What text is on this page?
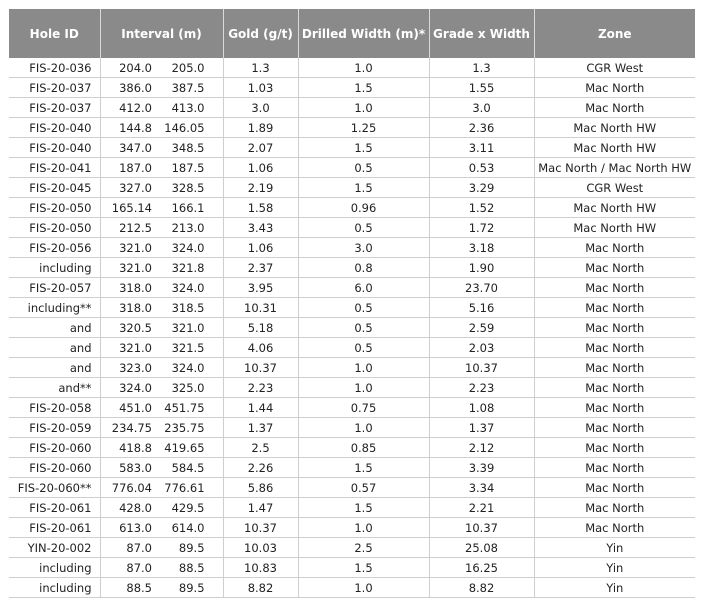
Hole ID	Interval (m)		Gold (g/t)	Drilled Width (m)*	Grade x Width	Zone
FIS-20-036	204.0	205.0	1.3	1.0	1.3	CGR West
FIS-20-037	386.0	387.5	1.03	1.5	1.55	Mac North
FIS-20-037	412.0	413.0	3.0	1.0	3.0	Mac North
FIS-20-040	144.8	146.05	1.89	1.25	2.36	Mac North HW
FIS-20-040	347.0	348.5	2.07	1.5	3.11	Mac North HW
FIS-20-041	187.0	187.5	1.06	0.5	0.53	Mac North / Mac North HW
FIS-20-045	327.0	328.5	2.19	1.5	3.29	CGR West
FIS-20-050	165.14	166.1	1.58	0.96	1.52	Mac North HW
FIS-20-050	212.5	213.0	3.43	0.5	1.72	Mac North HW
FIS-20-056	321.0	324.0	1.06	3.0	3.18	Mac North
including	321.0	321.8	2.37	0.8	1.90	Mac North
FIS-20-057	318.0	324.0	3.95	6.0	23.70	Mac North
including**	318.0	318.5	10.31	0.5	5.16	Mac North
and	320.5	321.0	5.18	0.5	2.59	Mac North
and	321.0	321.5	4.06	0.5	2.03	Mac North
and	323.0	324.0	10.37	1.0	10.37	Mac North
and**	324.0	325.0	2.23	1.0	2.23	Mac North
FIS-20-058	451.0	451.75	1.44	0.75	1.08	Mac North
FIS-20-059	234.75	235.75	1.37	1.0	1.37	Mac North
FIS-20-060	418.8	419.65	2.5	0.85	2.12	Mac North
FIS-20-060	583.0	584.5	2.26	1.5	3.39	Mac North
FIS-20-060**	776.04	776.61	5.86	0.57	3.34	Mac North
FIS-20-061	428.0	429.5	1.47	1.5	2.21	Mac North
FIS-20-061	613.0	614.0	10.37	1.0	10.37	Mac North
YIN-20-002	87.0	89.5	10.03	2.5	25.08	Yin
including	87.0	88.5	10.83	1.5	16.25	Yin
including	88.5	89.5	8.82	1.0	8.82	Yin
